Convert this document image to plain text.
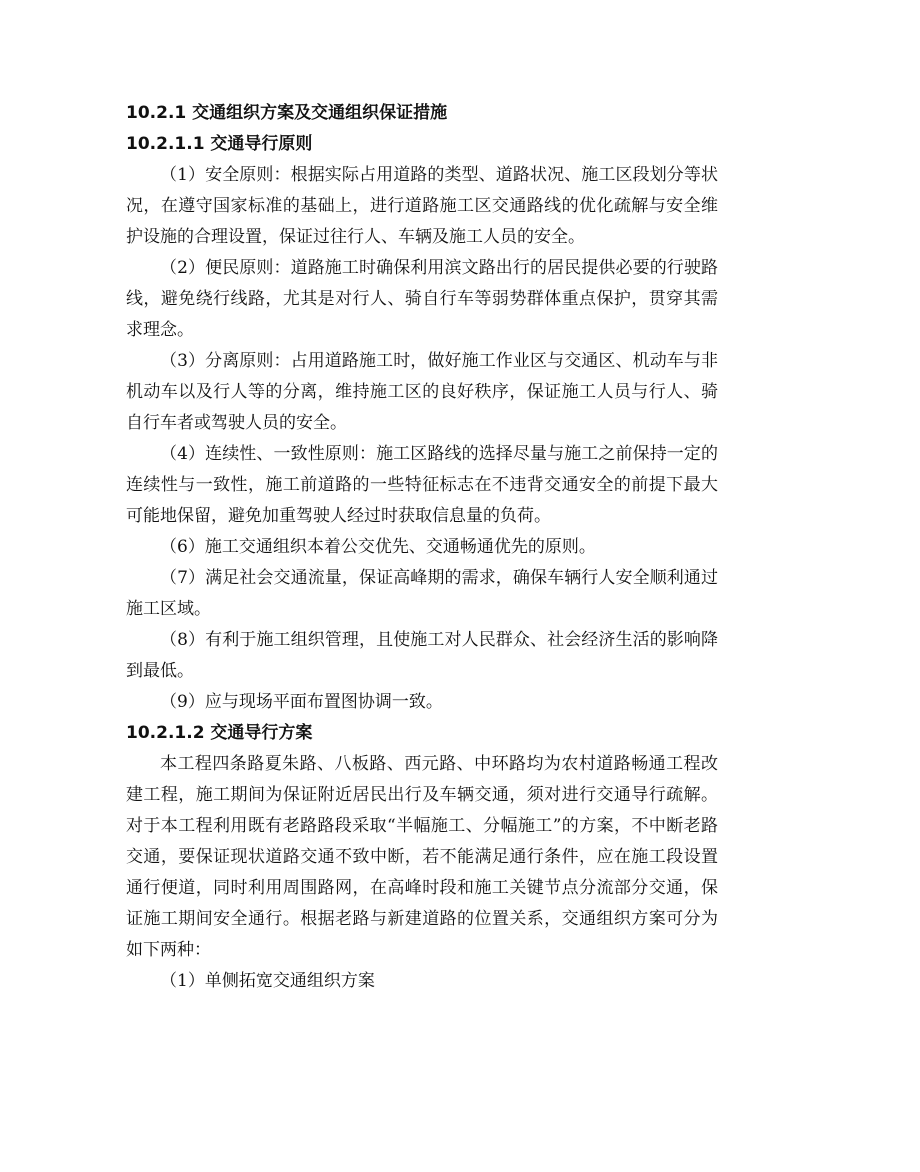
10.2.1 交通组织方案及交通组织保证措施

10.2.1.1 交通导行原则

（1）安全原则：根据实际占用道路的类型、道路状况、施工区段划分等状况，在遵守国家标准的基础上，进行道路施工区交通路线的优化疏解与安全维护设施的合理设置，保证过往行人、车辆及施工人员的安全。

（2）便民原则：道路施工时确保利用滨文路出行的居民提供必要的行驶路线，避免绕行线路，尤其是对行人、骑自行车等弱势群体重点保护，贯穿其需求理念。

（3）分离原则：占用道路施工时，做好施工作业区与交通区、机动车与非机动车以及行人等的分离，维持施工区的良好秩序，保证施工人员与行人、骑自行车者或驾驶人员的安全。

（4）连续性、一致性原则：施工区路线的选择尽量与施工之前保持一定的连续性与一致性，施工前道路的一些特征标志在不违背交通安全的前提下最大可能地保留，避免加重驾驶人经过时获取信息量的负荷。

（6）施工交通组织本着公交优先、交通畅通优先的原则。

（7）满足社会交通流量，保证高峰期的需求，确保车辆行人安全顺利通过施工区域。

（8）有利于施工组织管理，且使施工对人民群众、社会经济生活的影响降到最低。

（9）应与现场平面布置图协调一致。

10.2.1.2 交通导行方案

本工程四条路夏朱路、八板路、西元路、中环路均为农村道路畅通工程改建工程，施工期间为保证附近居民出行及车辆交通，须对进行交通导行疏解。对于本工程利用既有老路路段采取“半幅施工、分幅施工”的方案，不中断老路交通，要保证现状道路交通不致中断，若不能满足通行条件，应在施工段设置通行便道，同时利用周围路网，在高峰时段和施工关键节点分流部分交通，保证施工期间安全通行。根据老路与新建道路的位置关系，交通组织方案可分为如下两种：

（1）单侧拓宽交通组织方案
